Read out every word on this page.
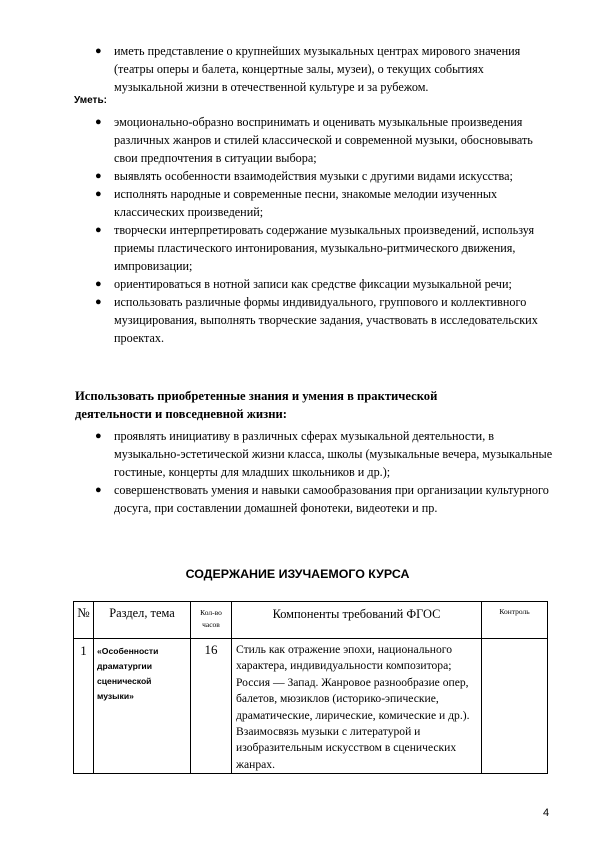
● иметь представление о крупнейших музыкальных центрах мирового значения (театры оперы и балета, концертные залы, музеи), о текущих событиях музыкальной жизни в отечественной культуре и за рубежом.
Уметь:
● эмоционально-образно воспринимать и оценивать музыкальные произведения различных жанров и стилей классической и современной музыки, обосновывать свои предпочтения в ситуации выбора;
● выявлять особенности взаимодействия музыки с другими видами искусства;
● исполнять народные и современные песни, знакомые мелодии изученных классических произведений;
● творчески интерпретировать содержание музыкальных произведений, используя приемы пластического интонирования, музыкально-ритмического движения, импровизации;
● ориентироваться в нотной записи как средстве фиксации музыкальной речи;
● использовать различные формы индивидуального, группового и коллективного музицирования, выполнять творческие задания, участвовать в исследовательских проектах.
Использовать приобретенные знания и умения в практической деятельности и повседневной жизни:
● проявлять инициативу в различных сферах музыкальной деятельности, в музыкально-эстетической жизни класса, школы (музыкальные вечера, музыкальные гостиные, концерты для младших школьников и др.);
● совершенствовать умения и навыки самообразования при организации культурного досуга, при составлении домашней фонотеки, видеотеки и пр.
СОДЕРЖАНИЕ ИЗУЧАЕМОГО КУРСА
№	Раздел, тема	Кол-во часов	Компоненты требований ФГОС	Контроль

1	«Особенности драматургии сценической музыки»	16	Стиль как отражение эпохи, национального характера, индивидуальности композитора; Россия — Запад. Жанровое разнообразие опер, балетов, мюзиклов (историко-эпические, драматические, лирические, комические и др.). Взаимосвязь музыки с литературой и изобразительным искусством в сценических жанрах.	

4
